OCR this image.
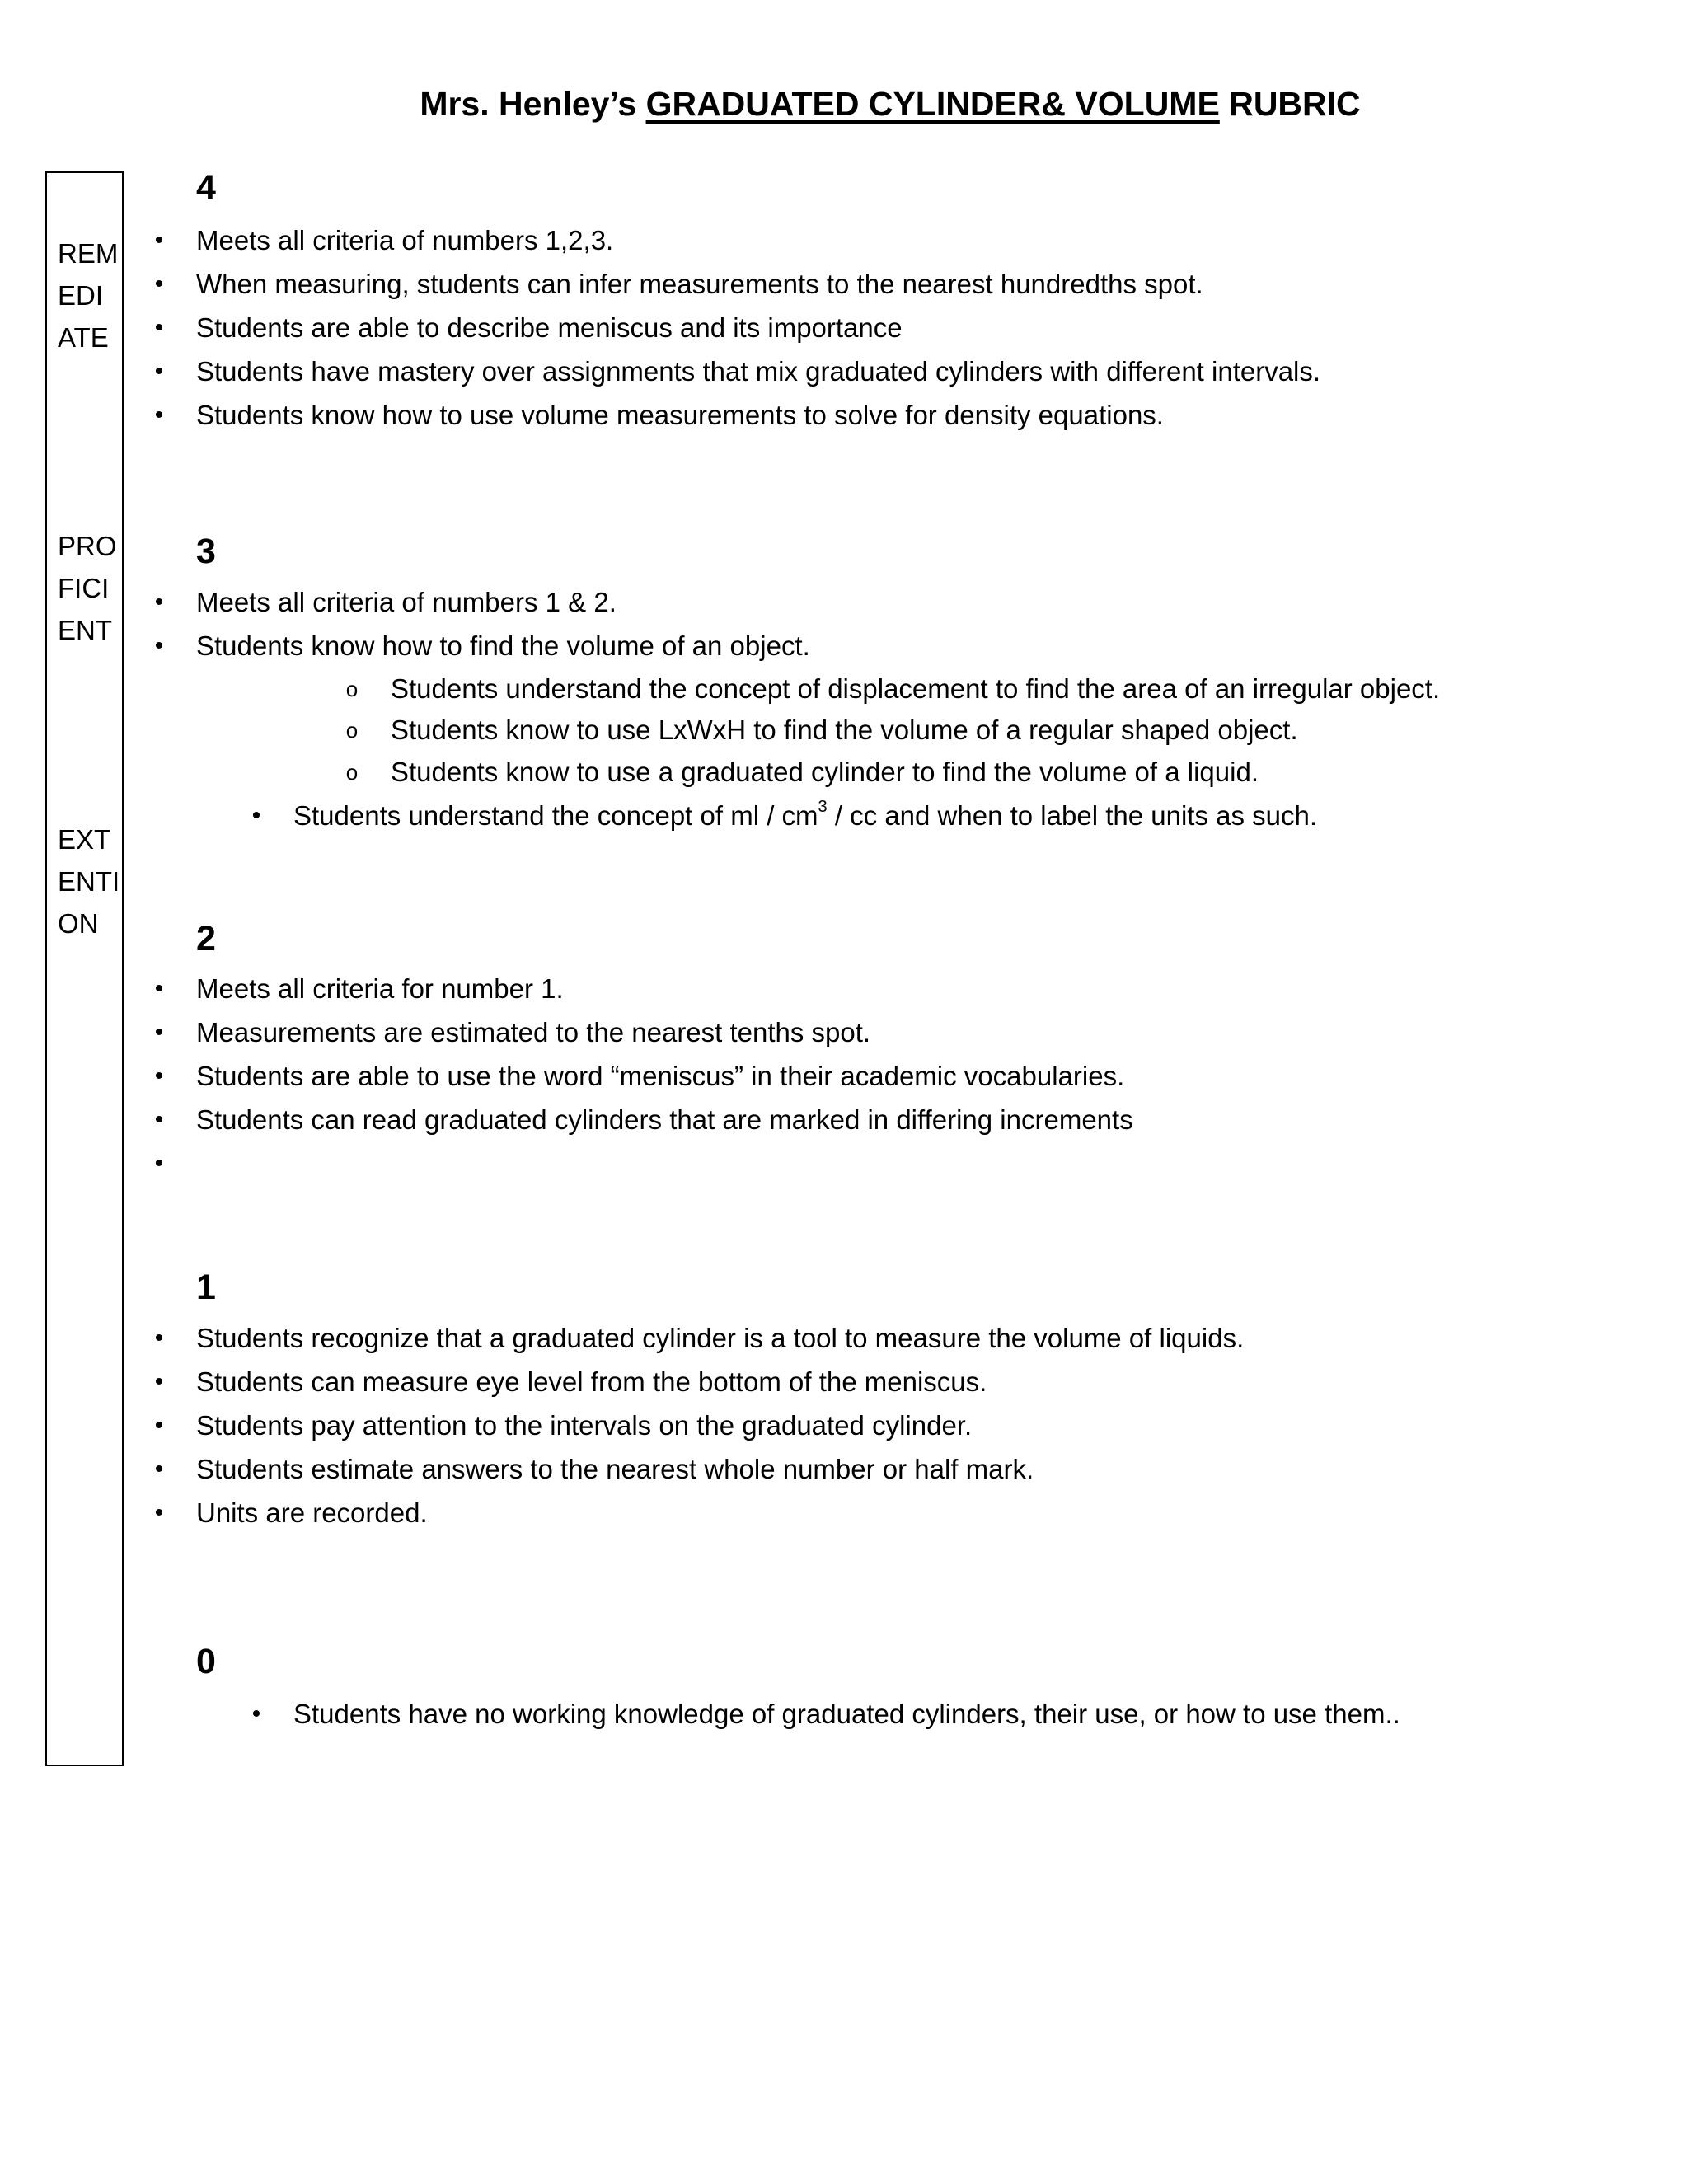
Mrs. Henley’s GRADUATED CYLINDER& VOLUME RUBRIC
REM
EDI
ATE
PRO
FICI
ENT
EXT
ENTI
ON
4
• Meets all criteria of numbers 1,2,3.
• When measuring, students can infer measurements to the nearest hundredths spot.
• Students are able to describe meniscus and its importance
• Students have mastery over assignments that mix graduated cylinders with different intervals.
• Students know how to use volume measurements to solve for density equations.
3
• Meets all criteria of numbers 1 & 2.
• Students know how to find the volume of an object.
o Students understand the concept of displacement to find the area of an irregular object.
o Students know to use LxWxH to find the volume of a regular shaped object.
o Students know to use a graduated cylinder to find the volume of a liquid.
• Students understand the concept of ml / $cm^3$ / cc and when to label the units as such.
2
• Meets all criteria for number 1.
• Measurements are estimated to the nearest tenths spot.
• Students are able to use the word “meniscus” in their academic vocabularies.
• Students can read graduated cylinders that are marked in differing increments
•
1
• Students recognize that a graduated cylinder is a tool to measure the volume of liquids.
• Students can measure eye level from the bottom of the meniscus.
• Students pay attention to the intervals on the graduated cylinder.
• Students estimate answers to the nearest whole number or half mark.
• Units are recorded.
0
• Students have no working knowledge of graduated cylinders, their use, or how to use them..
